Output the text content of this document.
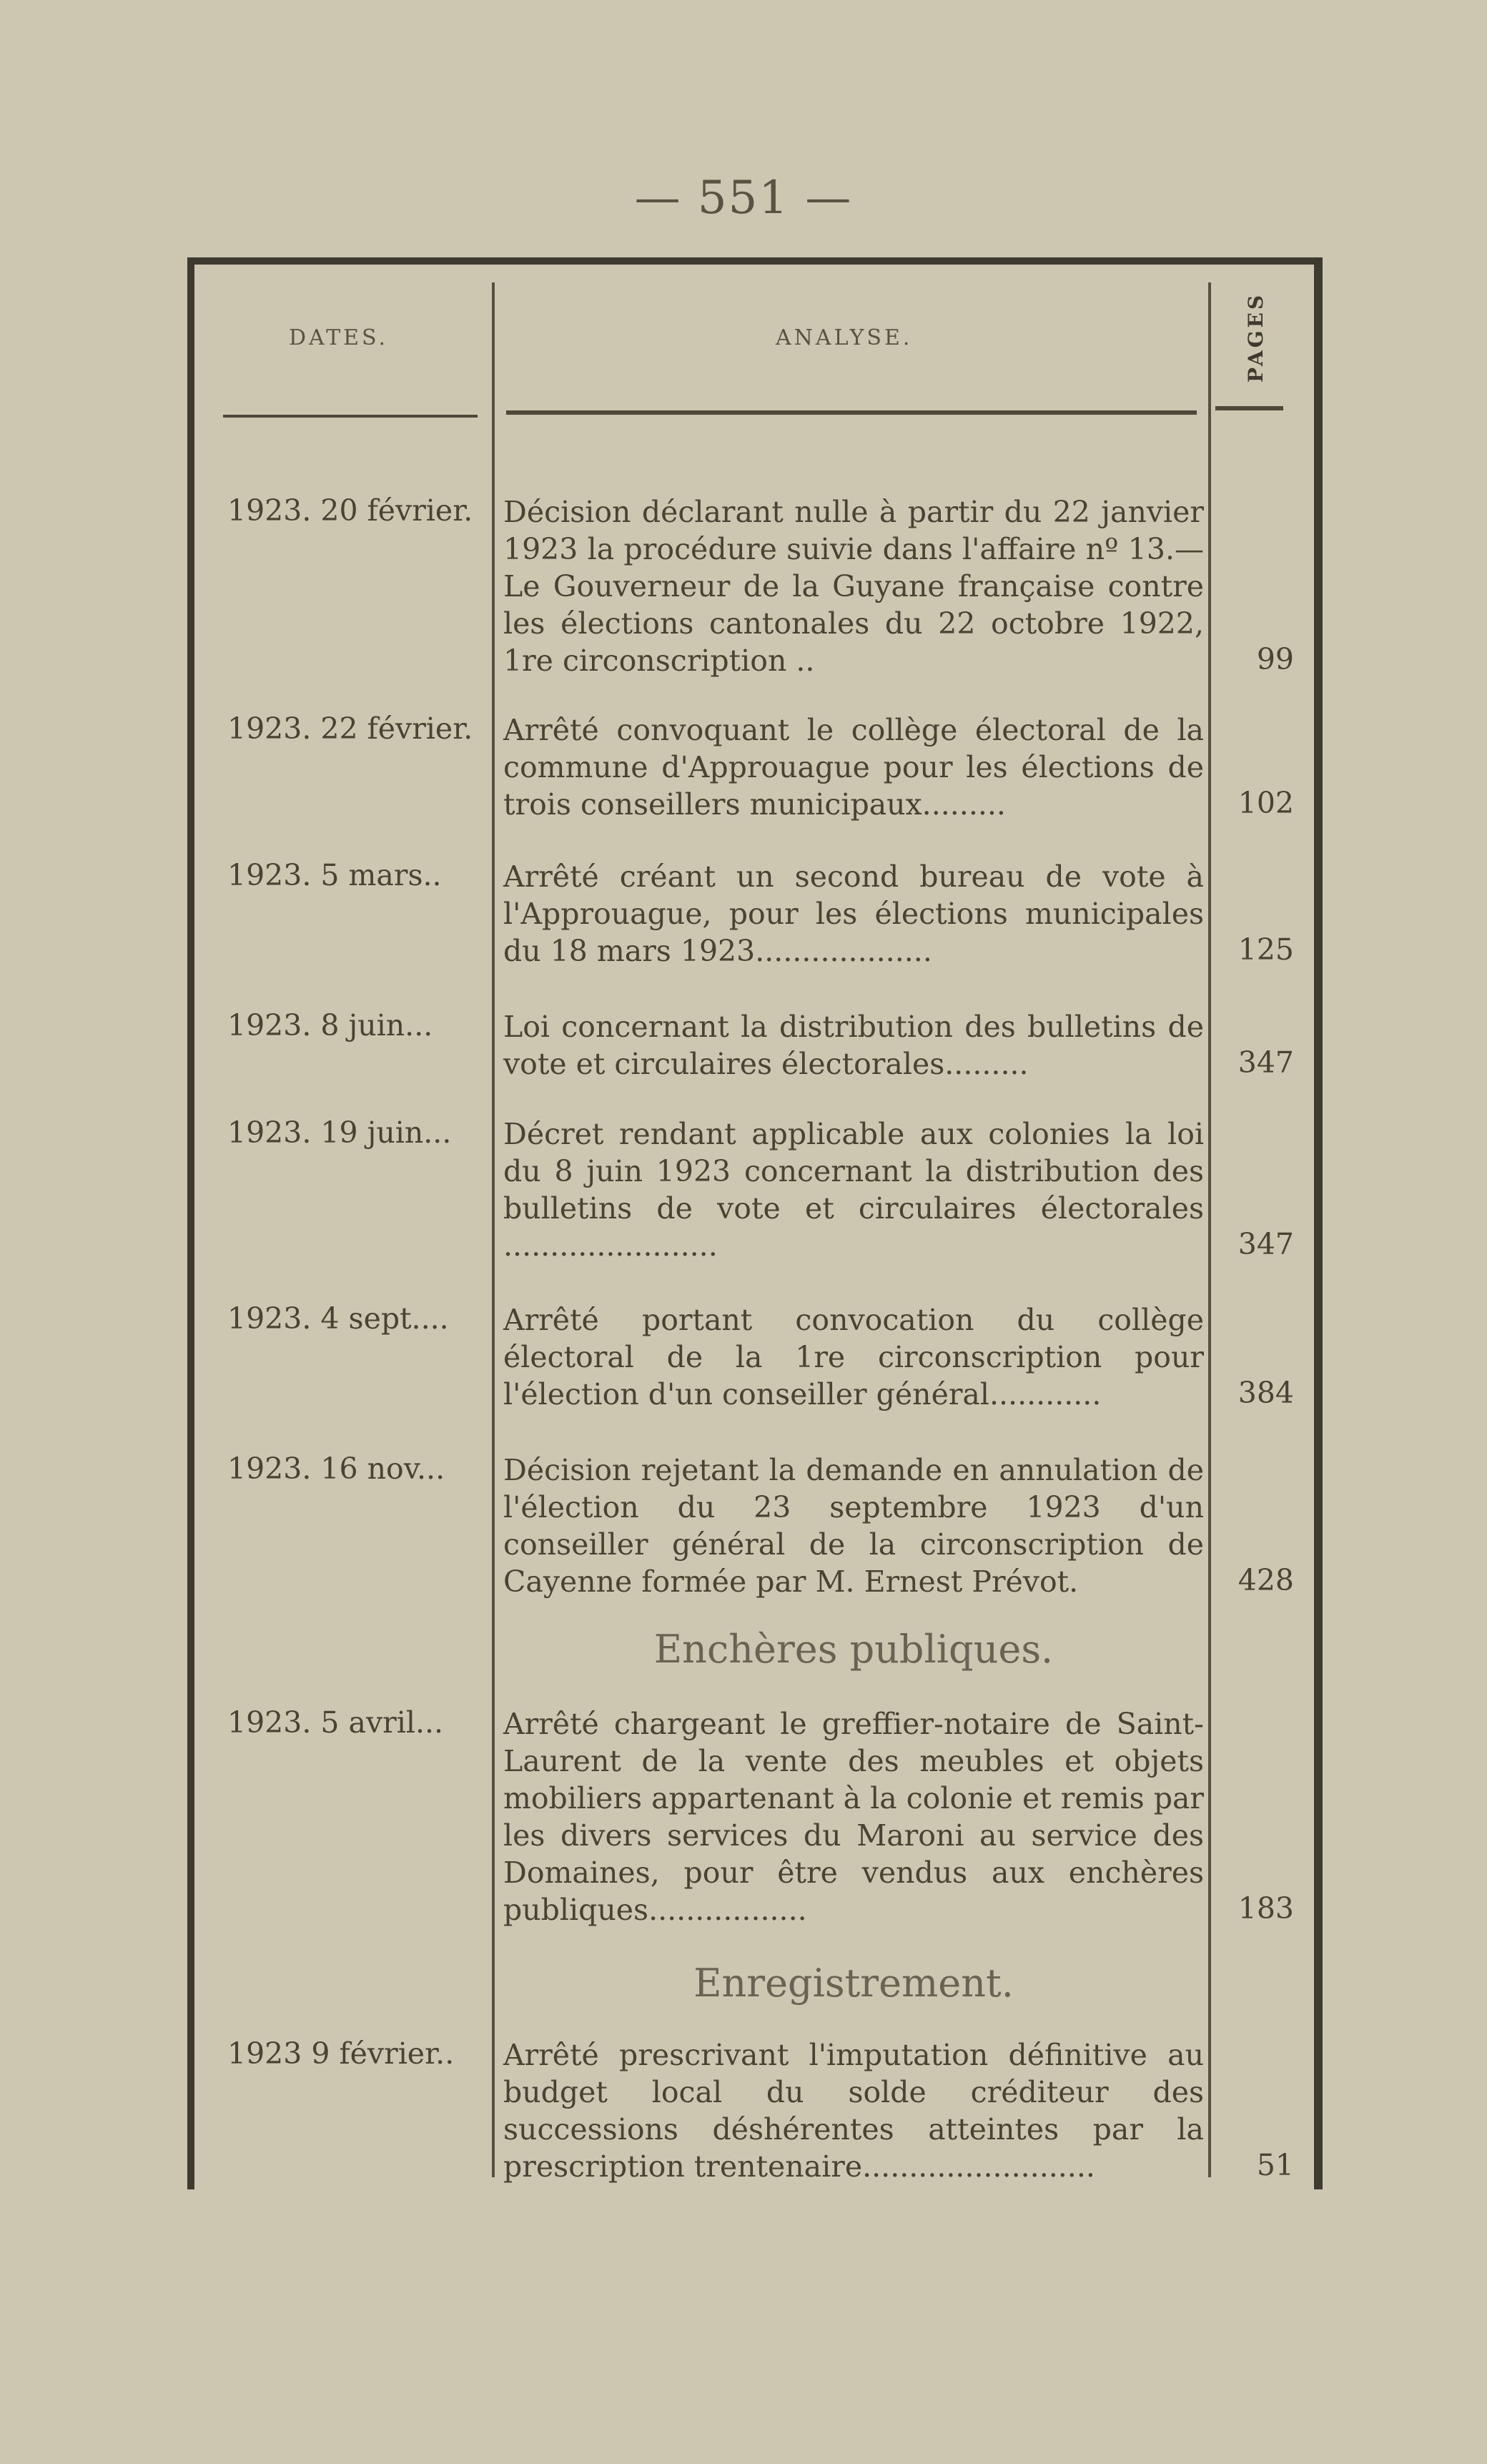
— 551 —
DATES.	ANALYSE.	PAGES
1923. 20 février.	Décision déclarant nulle à partir du 22 janvier 1923 la procédure suivie dans l'affaire nº 13.— Le Gouverneur de la Guyane française contre les élections cantonales du 22 octobre 1922, 1re circonscription ..	99
1923. 22 février.	Arrêté convoquant le collège électoral de la commune d'Approuague pour les élections de trois conseillers municipaux.........	102
1923. 5 mars..	Arrêté créant un second bureau de vote à l'Approuague, pour les élections municipales du 18 mars 1923...................	125
1923. 8 juin...	Loi concernant la distribution des bulletins de vote et circulaires électorales.........	347
1923. 19 juin...	Décret rendant applicable aux colonies la loi du 8 juin 1923 concernant la distribution des bulletins de vote et circulaires électorales .......................	347
1923. 4 sept....	Arrêté portant convocation du collège électoral de la 1re circonscription pour l'élection d'un conseiller général............	384
1923. 16 nov...	Décision rejetant la demande en annulation de l'élection du 23 septembre 1923 d'un conseiller général de la circonscription de Cayenne formée par M. Ernest Prévot.	428
Enchères publiques.
1923. 5 avril...	Arrêté chargeant le greffier-notaire de Saint-Laurent de la vente des meubles et objets mobiliers appartenant à la colonie et remis par les divers services du Maroni au service des Domaines, pour être vendus aux enchères publiques.................	183
Enregistrement.
1923 9 février..	Arrêté prescrivant l'imputation définitive au budget local du solde créditeur des successions déshérentes atteintes par la prescription trentenaire.........................	51
